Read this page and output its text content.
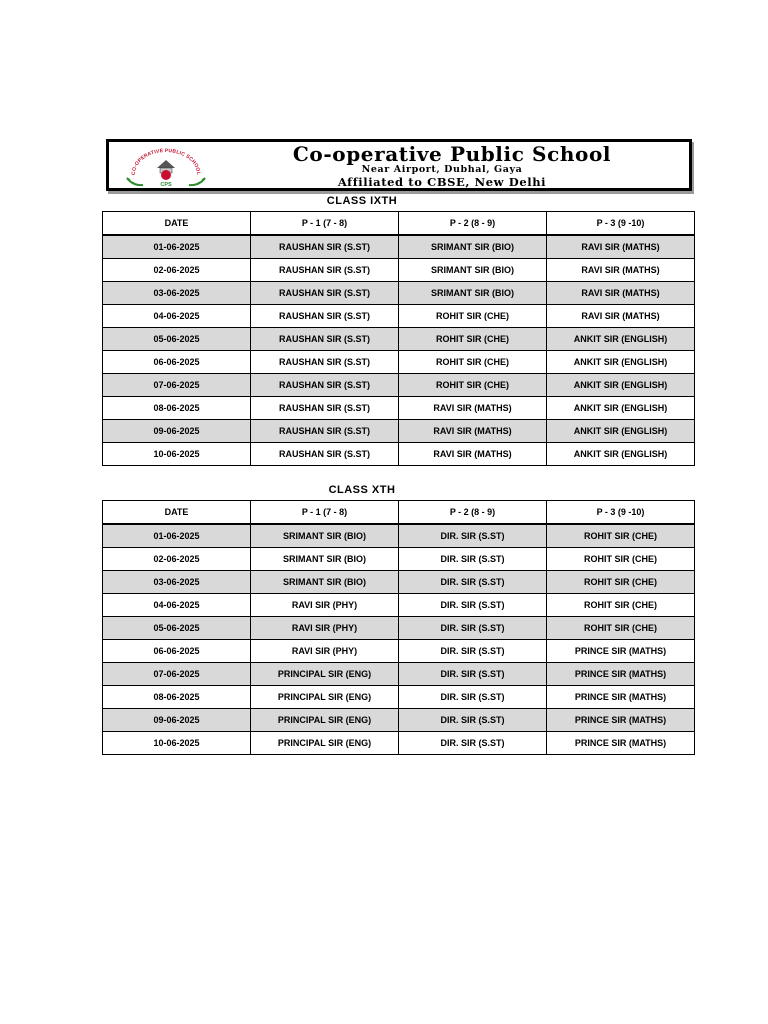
CO-OPERATIVE PUBLIC SCHOOL
CPS
Co-operative Public School
Near Airport, Dubhal, Gaya
Affiliated to CBSE, New Delhi
CLASS IXTH
DATE	P - 1 (7 - 8)	P - 2 (8 - 9)	P - 3 (9 -10)
01-06-2025	RAUSHAN SIR (S.ST)	SRIMANT SIR (BIO)	RAVI SIR (MATHS)
02-06-2025	RAUSHAN SIR (S.ST)	SRIMANT SIR (BIO)	RAVI SIR (MATHS)
03-06-2025	RAUSHAN SIR (S.ST)	SRIMANT SIR (BIO)	RAVI SIR (MATHS)
04-06-2025	RAUSHAN SIR (S.ST)	ROHIT SIR (CHE)	RAVI SIR (MATHS)
05-06-2025	RAUSHAN SIR (S.ST)	ROHIT SIR (CHE)	ANKIT SIR (ENGLISH)
06-06-2025	RAUSHAN SIR (S.ST)	ROHIT SIR (CHE)	ANKIT SIR (ENGLISH)
07-06-2025	RAUSHAN SIR (S.ST)	ROHIT SIR (CHE)	ANKIT SIR (ENGLISH)
08-06-2025	RAUSHAN SIR (S.ST)	RAVI SIR (MATHS)	ANKIT SIR (ENGLISH)
09-06-2025	RAUSHAN SIR (S.ST)	RAVI SIR (MATHS)	ANKIT SIR (ENGLISH)
10-06-2025	RAUSHAN SIR (S.ST)	RAVI SIR (MATHS)	ANKIT SIR (ENGLISH)
CLASS XTH
DATE	P - 1 (7 - 8)	P - 2 (8 - 9)	P - 3 (9 -10)
01-06-2025	SRIMANT SIR (BIO)	DIR. SIR (S.ST)	ROHIT SIR (CHE)
02-06-2025	SRIMANT SIR (BIO)	DIR. SIR (S.ST)	ROHIT SIR (CHE)
03-06-2025	SRIMANT SIR (BIO)	DIR. SIR (S.ST)	ROHIT SIR (CHE)
04-06-2025	RAVI SIR (PHY)	DIR. SIR (S.ST)	ROHIT SIR (CHE)
05-06-2025	RAVI SIR (PHY)	DIR. SIR (S.ST)	ROHIT SIR (CHE)
06-06-2025	RAVI SIR (PHY)	DIR. SIR (S.ST)	PRINCE SIR (MATHS)
07-06-2025	PRINCIPAL SIR (ENG)	DIR. SIR (S.ST)	PRINCE SIR (MATHS)
08-06-2025	PRINCIPAL SIR (ENG)	DIR. SIR (S.ST)	PRINCE SIR (MATHS)
09-06-2025	PRINCIPAL SIR (ENG)	DIR. SIR (S.ST)	PRINCE SIR (MATHS)
10-06-2025	PRINCIPAL SIR (ENG)	DIR. SIR (S.ST)	PRINCE SIR (MATHS)
